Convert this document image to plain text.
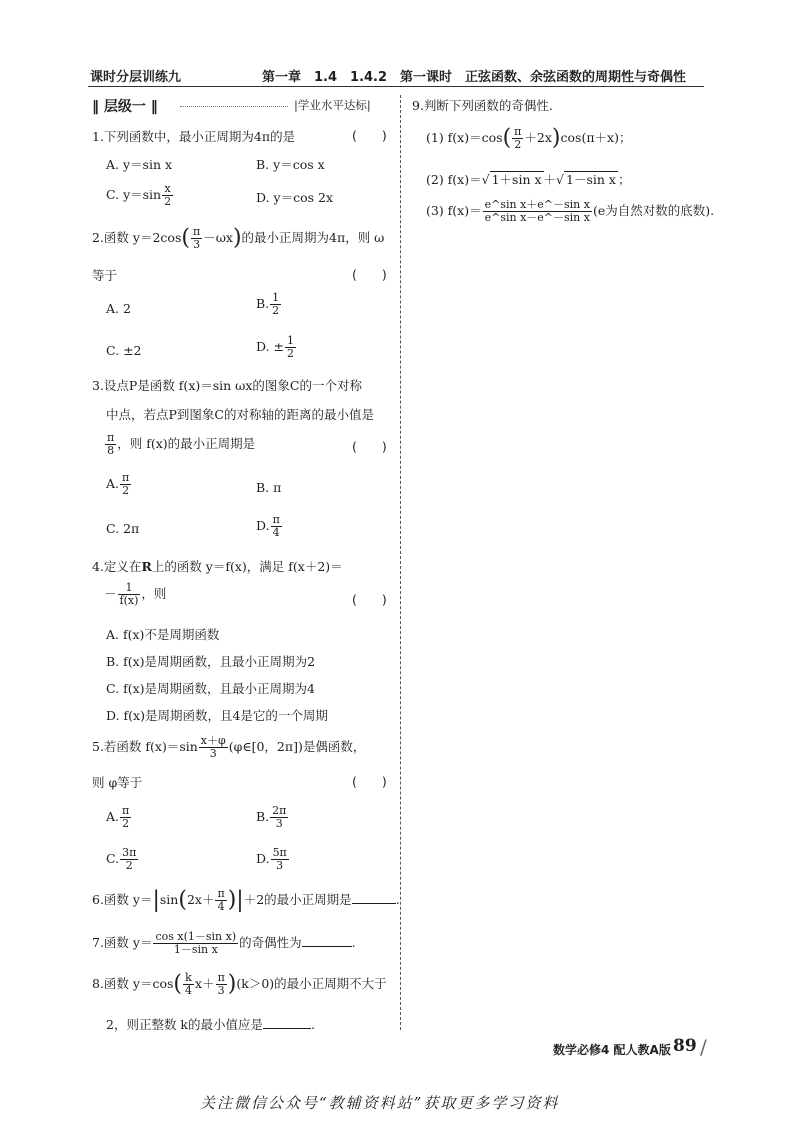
课时分层训练九	第一章　1.4　1.4.2　第一课时　正弦函数、余弦函数的周期性与奇偶性
‖ 层级一 ‖	|学业水平达标|
1.下列函数中，最小正周期为4π的是	(　　)
A. y＝sin x	B. y＝cos x
C. $y=\sin \frac{x}{2}$	D. y＝cos 2x
2.函数 $y=2\cos( \frac{\pi}{3} -\omega x)$的最小正周期为4π，则 ω
等于	(　　)
A. 2	B. $\frac{1}{2}$
C. ±2	D. ± $\frac{1}{2}$
3.设点P是函数 f(x)＝sin ωx的图象C的一个对称
中点，若点P到图象C的对称轴的距离的最小值是
$\frac{\pi}{8}$ ，则 f(x)的最小正周期是	(　　)
A. $\frac{\pi}{2}$	B. π
C. 2π	D. $\frac{\pi}{4}$
4.定义在R上的函数 y＝f(x)，满足 f(x＋2)＝
－ $\frac{1}{f(x)}$ ，则	(　　)
A. f(x)不是周期函数
B. f(x)是周期函数，且最小正周期为2
C. f(x)是周期函数，且最小正周期为4
D. f(x)是周期函数，且4是它的一个周期
5.若函数 $f(x)=\sin \frac{x+\varphi}{3}$ (φ∈[0，2π])是偶函数，
则 φ等于	(　　)
A. $\frac{\pi}{2}$	B. $\frac{2\pi}{3}$
C. $\frac{3\pi}{2}$	D. $\frac{5\pi}{3}$
6.函数 $y=|\sin(2x+ \frac{\pi}{4} )|+2$的最小正周期是	.
7.函数 $y= \frac{\text{cos x(1－sin x)}}{\text{1－sin x}}$ 的奇偶性为	.
8.函数 $y=\cos( \frac{k}{4} x+ \frac{\pi}{3} )(k>0)$的最小正周期不大于
2，则正整数 k的最小值应是	.
9.判断下列函数的奇偶性.
(1) $f(x)=\cos( \frac{\pi}{2} +2x)\cos(\pi+x)$；
(2) f(x)＝√ 1＋sin x ＋√ 1－sin x ；
(3) $f(x)= \frac{\text{e\textasciicircum{}sin x＋e\textasciicircum{}－sin x}}{\text{e\textasciicircum{}sin x－e\textasciicircum{}－sin x}} (e$为自然对数的底数).
数学必修4 配人教A版 89 /
关注微信公众号“教辅资料站”获取更多学习资料
